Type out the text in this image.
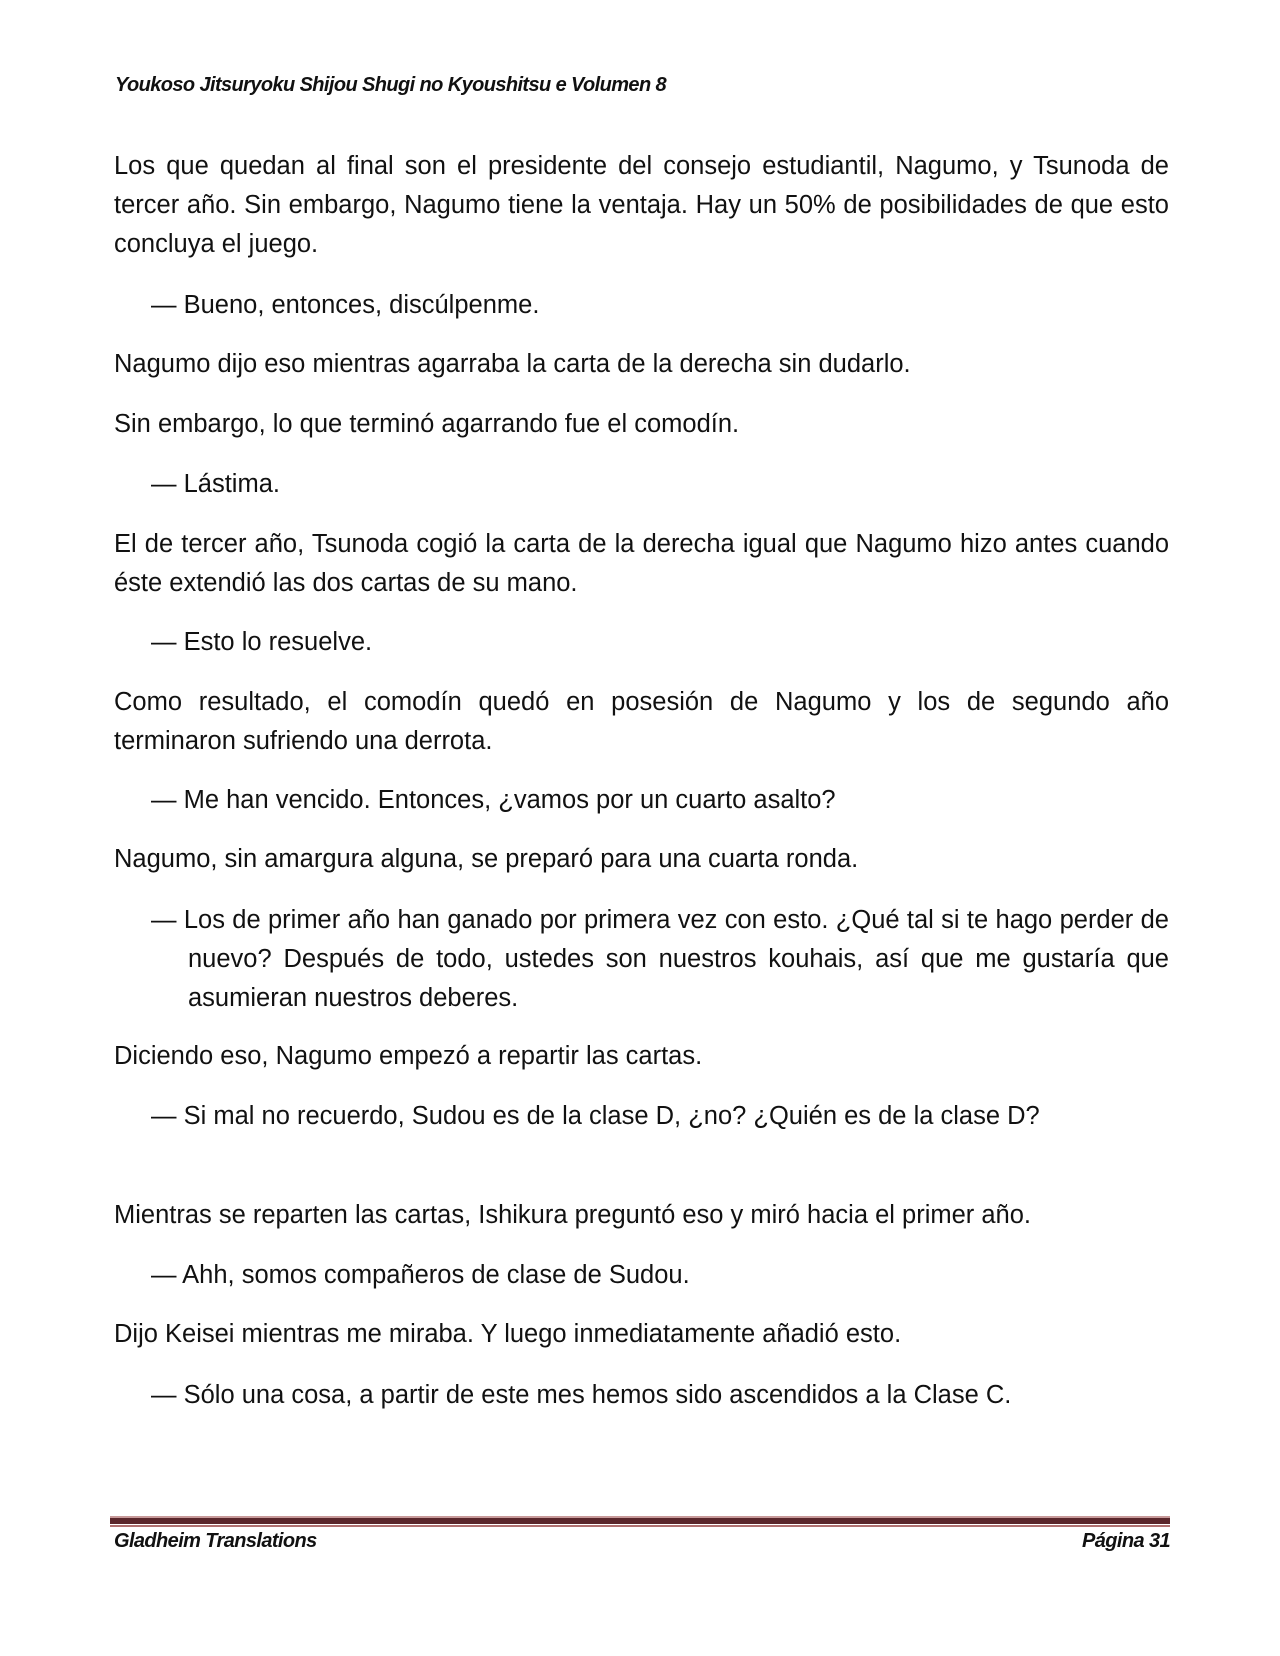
Youkoso Jitsuryoku Shijou Shugi no Kyoushitsu e Volumen 8

Los que quedan al final son el presidente del consejo estudiantil, Nagumo, y Tsunoda de tercer año. Sin embargo, Nagumo tiene la ventaja. Hay un 50% de posibilidades de que esto concluya el juego.

— Bueno, entonces, discúlpenme.

Nagumo dijo eso mientras agarraba la carta de la derecha sin dudarlo.

Sin embargo, lo que terminó agarrando fue el comodín.

— Lástima.

El de tercer año, Tsunoda cogió la carta de la derecha igual que Nagumo hizo antes cuando éste extendió las dos cartas de su mano.

— Esto lo resuelve.

Como resultado, el comodín quedó en posesión de Nagumo y los de segundo año terminaron sufriendo una derrota.

— Me han vencido. Entonces, ¿vamos por un cuarto asalto?

Nagumo, sin amargura alguna, se preparó para una cuarta ronda.

— Los de primer año han ganado por primera vez con esto. ¿Qué tal si te hago perder de nuevo? Después de todo, ustedes son nuestros kouhais, así que me gustaría que asumieran nuestros deberes.

Diciendo eso, Nagumo empezó a repartir las cartas.

— Si mal no recuerdo, Sudou es de la clase D, ¿no? ¿Quién es de la clase D?

Mientras se reparten las cartas, Ishikura preguntó eso y miró hacia el primer año.

— Ahh, somos compañeros de clase de Sudou.

Dijo Keisei mientras me miraba. Y luego inmediatamente añadió esto.

— Sólo una cosa, a partir de este mes hemos sido ascendidos a la Clase C.

Gladheim Translations	Página 31
